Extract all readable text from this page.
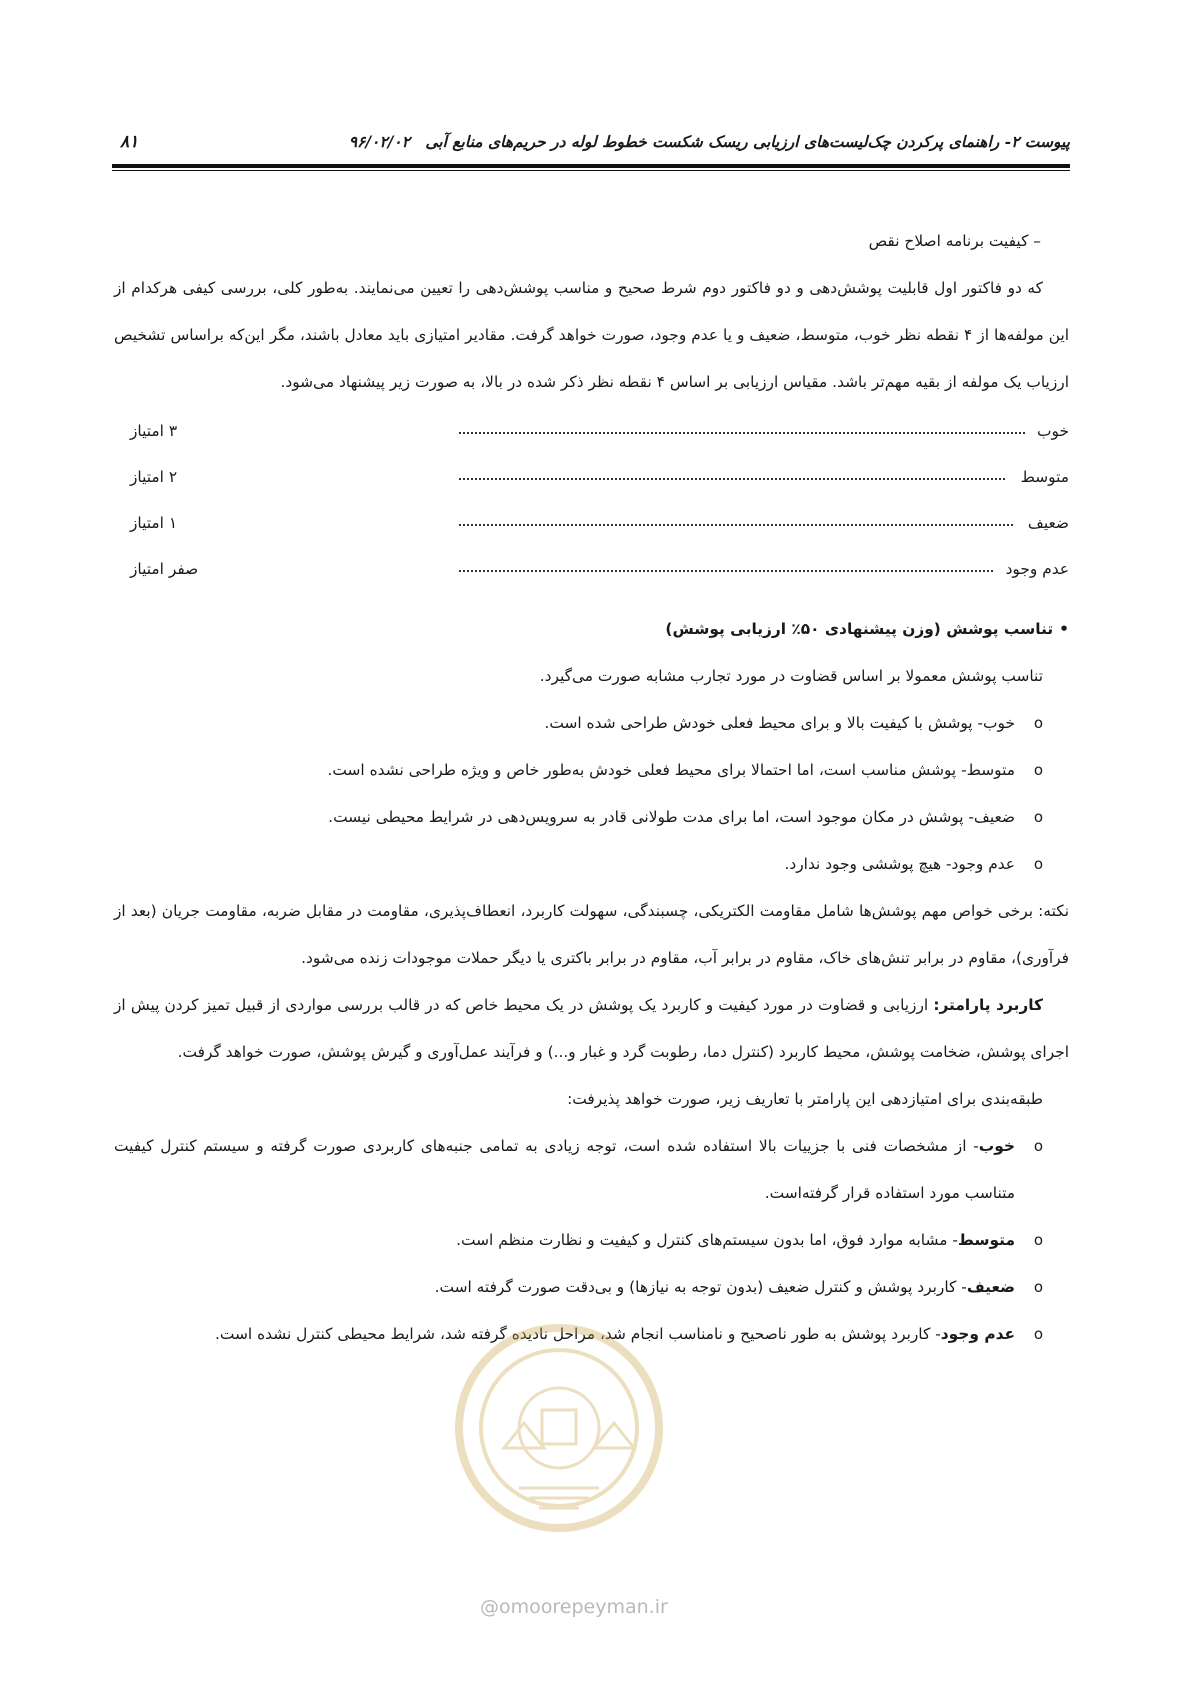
پیوست ۲- راهنمای پرکردن چک‌لیست‌های ارزیابی ریسک شکست خطوط لوله در حریم‌های منابع آبی ۹۶/۰۲/۰۲
۸۱

– کیفیت برنامه اصلاح نقص

که دو فاکتور اول قابلیت پوشش‌دهی و دو فاکتور دوم شرط صحیح و مناسب پوشش‌دهی را تعیین می‌نمایند. به‌طور کلی، بررسی کیفی هرکدام از این مولفه‌ها از ۴ نقطه نظر خوب، متوسط، ضعیف و یا عدم وجود، صورت خواهد گرفت. مقادیر امتیازی باید معادل باشند، مگر این‌که براساس تشخیص ارزیاب یک مولفه از بقیه مهم‌تر باشد. مقیاس ارزیابی بر اساس ۴ نقطه نظر ذکر شده در بالا، به صورت زیر پیشنهاد می‌شود.

خوب
۳ امتیاز
متوسط
۲ امتیاز
ضعیف
۱ امتیاز
عدم وجود
صفر امتیاز

•تناسب پوشش (وزن پیشنهادی ۵۰٪ ارزیابی پوشش)

تناسب پوشش معمولا بر اساس قضاوت در مورد تجارب مشابه صورت می‌گیرد.

o
خوب- پوشش با کیفیت بالا و برای محیط فعلی خودش طراحی شده است.

o
متوسط- پوشش مناسب است، اما احتمالا برای محیط فعلی خودش به‌طور خاص و ویژه طراحی نشده است.

o
ضعیف- پوشش در مکان موجود است، اما برای مدت طولانی قادر به سرویس‌دهی در شرایط محیطی نیست.

o
عدم وجود- هیچ پوششی وجود ندارد.

نکته: برخی خواص مهم پوشش‌ها شامل مقاومت الکتریکی، چسبندگی، سهولت کاربرد، انعطاف‌پذیری، مقاومت در مقابل ضربه، مقاومت جریان (بعد از فرآوری)، مقاوم در برابر تنش‌های خاک، مقاوم در برابر آب، مقاوم در برابر باکتری یا دیگر حملات موجودات زنده می‌شود.

کاربرد پارامتر: ارزیابی و قضاوت در مورد کیفیت و کاربرد یک پوشش در یک محیط خاص که در قالب بررسی مواردی از قبیل تمیز کردن پیش از اجرای پوشش، ضخامت پوشش، محیط کاربرد (کنترل دما، رطوبت گرد و غبار و...) و فرآیند عمل‌آوری و گیرش پوشش، صورت خواهد گرفت.

طبقه‌بندی برای امتیازدهی این پارامتر با تعاریف زیر، صورت خواهد پذیرفت:

o
خوب- از مشخصات فنی با جزییات بالا استفاده شده است، توجه زیادی به تمامی جنبه‌های کاربردی صورت گرفته و سیستم کنترل کیفیت متناسب مورد استفاده قرار گرفته‌است.

o
متوسط- مشابه موارد فوق، اما بدون سیستم‌های کنترل و کیفیت و نظارت منظم است.

o
ضعیف- کاربرد پوشش و کنترل ضعیف (بدون توجه به نیازها) و بی‌دقت صورت گرفته است.

o
عدم وجود- کاربرد پوشش به طور ناصحیح و نامناسب انجام شد، مراحل نادیده گرفته شد، شرایط محیطی کنترل نشده است.

@omoorepeyman.ir
